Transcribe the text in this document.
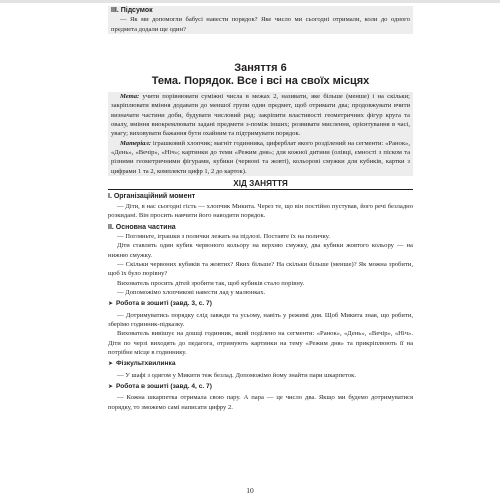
ІІІ. Підсумок

— Як ми допомогли бабусі навести порядок? Яке число ми сьогодні отримали, коли до одного предмета додали ще один?

Заняття 6
Тема. Порядок. Все і всі на своїх місцях

Мета: учити порівнювати суміжні числа в межах 2, називати, яке більше (менше) і на скільки; закріплювати вміння додавати до меншої групи один предмет, щоб отримати два; продовжувати вчити визначати частини доби, будувати числовий ряд; закріпити властивості геометричних фігур круга та овалу, вміння виокремлювати задані предмети з-поміж інших; розвивати мислення, орієнтування в часі, увагу; виховувати бажання бути охайним та підтримувати порядок.

Матеріал: іграшковий хлопчик; магніт годинника, циферблат якого розділений на сегменти: «Ранок», «День», «Вечір», «Ніч»; картинки до теми «Режим дня»; для кожної дитини (олівці, ємності з піском та різними геометричними фігурами, кубики (червоні та жовті), кольорові смужки для кубиків, картки з цифрами 1 та 2, комплекти цифр 1, 2 до карток).

ХІД ЗАНЯТТЯ

І. Організаційний момент

— Діти, в нас сьогодні гість — хлопчик Микита. Через те, що він постійно пустував, його речі безладно розкидані. Він просить навчити його наводити порядок.

ІІ. Основна частина

— Погляньте, іграшки з полички лежать на підлозі. Поставте їх на поличку.

Діти ставлять один кубик червоного кольору на верхню смужку, два кубики жовтого кольору — на нижню смужку.

— Скільки червоних кубиків та жовтих? Яких більше? На скільки більше (менше)? Як можна зробити, щоб їх було порівну?

Вихователь просить дітей зробити так, щоб кубиків стало порівну.

— Допоможімо хлопчикові навести лад у малюнках.

➤ Робота в зошиті (завд. 3, с. 7)

— Дотримуватись порядку слід завжди та усьому, навіть у режимі дня. Щоб Микита знав, що робити, зберімо годинник-підказку.

Вихователь вивішує на дошці годинник, який поділено на сегменти: «Ранок», «День», «Вечір», «Ніч». Діти по черзі виходять до педагога, отримують картинки на тему «Режим дня» та прикріплюють її на потрібне місце в годиннику.

➤ Фізкультхвилинка

— У шафі з одягом у Микити теж безлад. Допоможімо йому знайти пари шкарпеток.

➤ Робота в зошиті (завд. 4, с. 7)

— Кожна шкарпетка отримала свою пару. А пара — це число два. Якщо ми будемо дотримуватися порядку, то зможемо самі написати цифру 2.

10
